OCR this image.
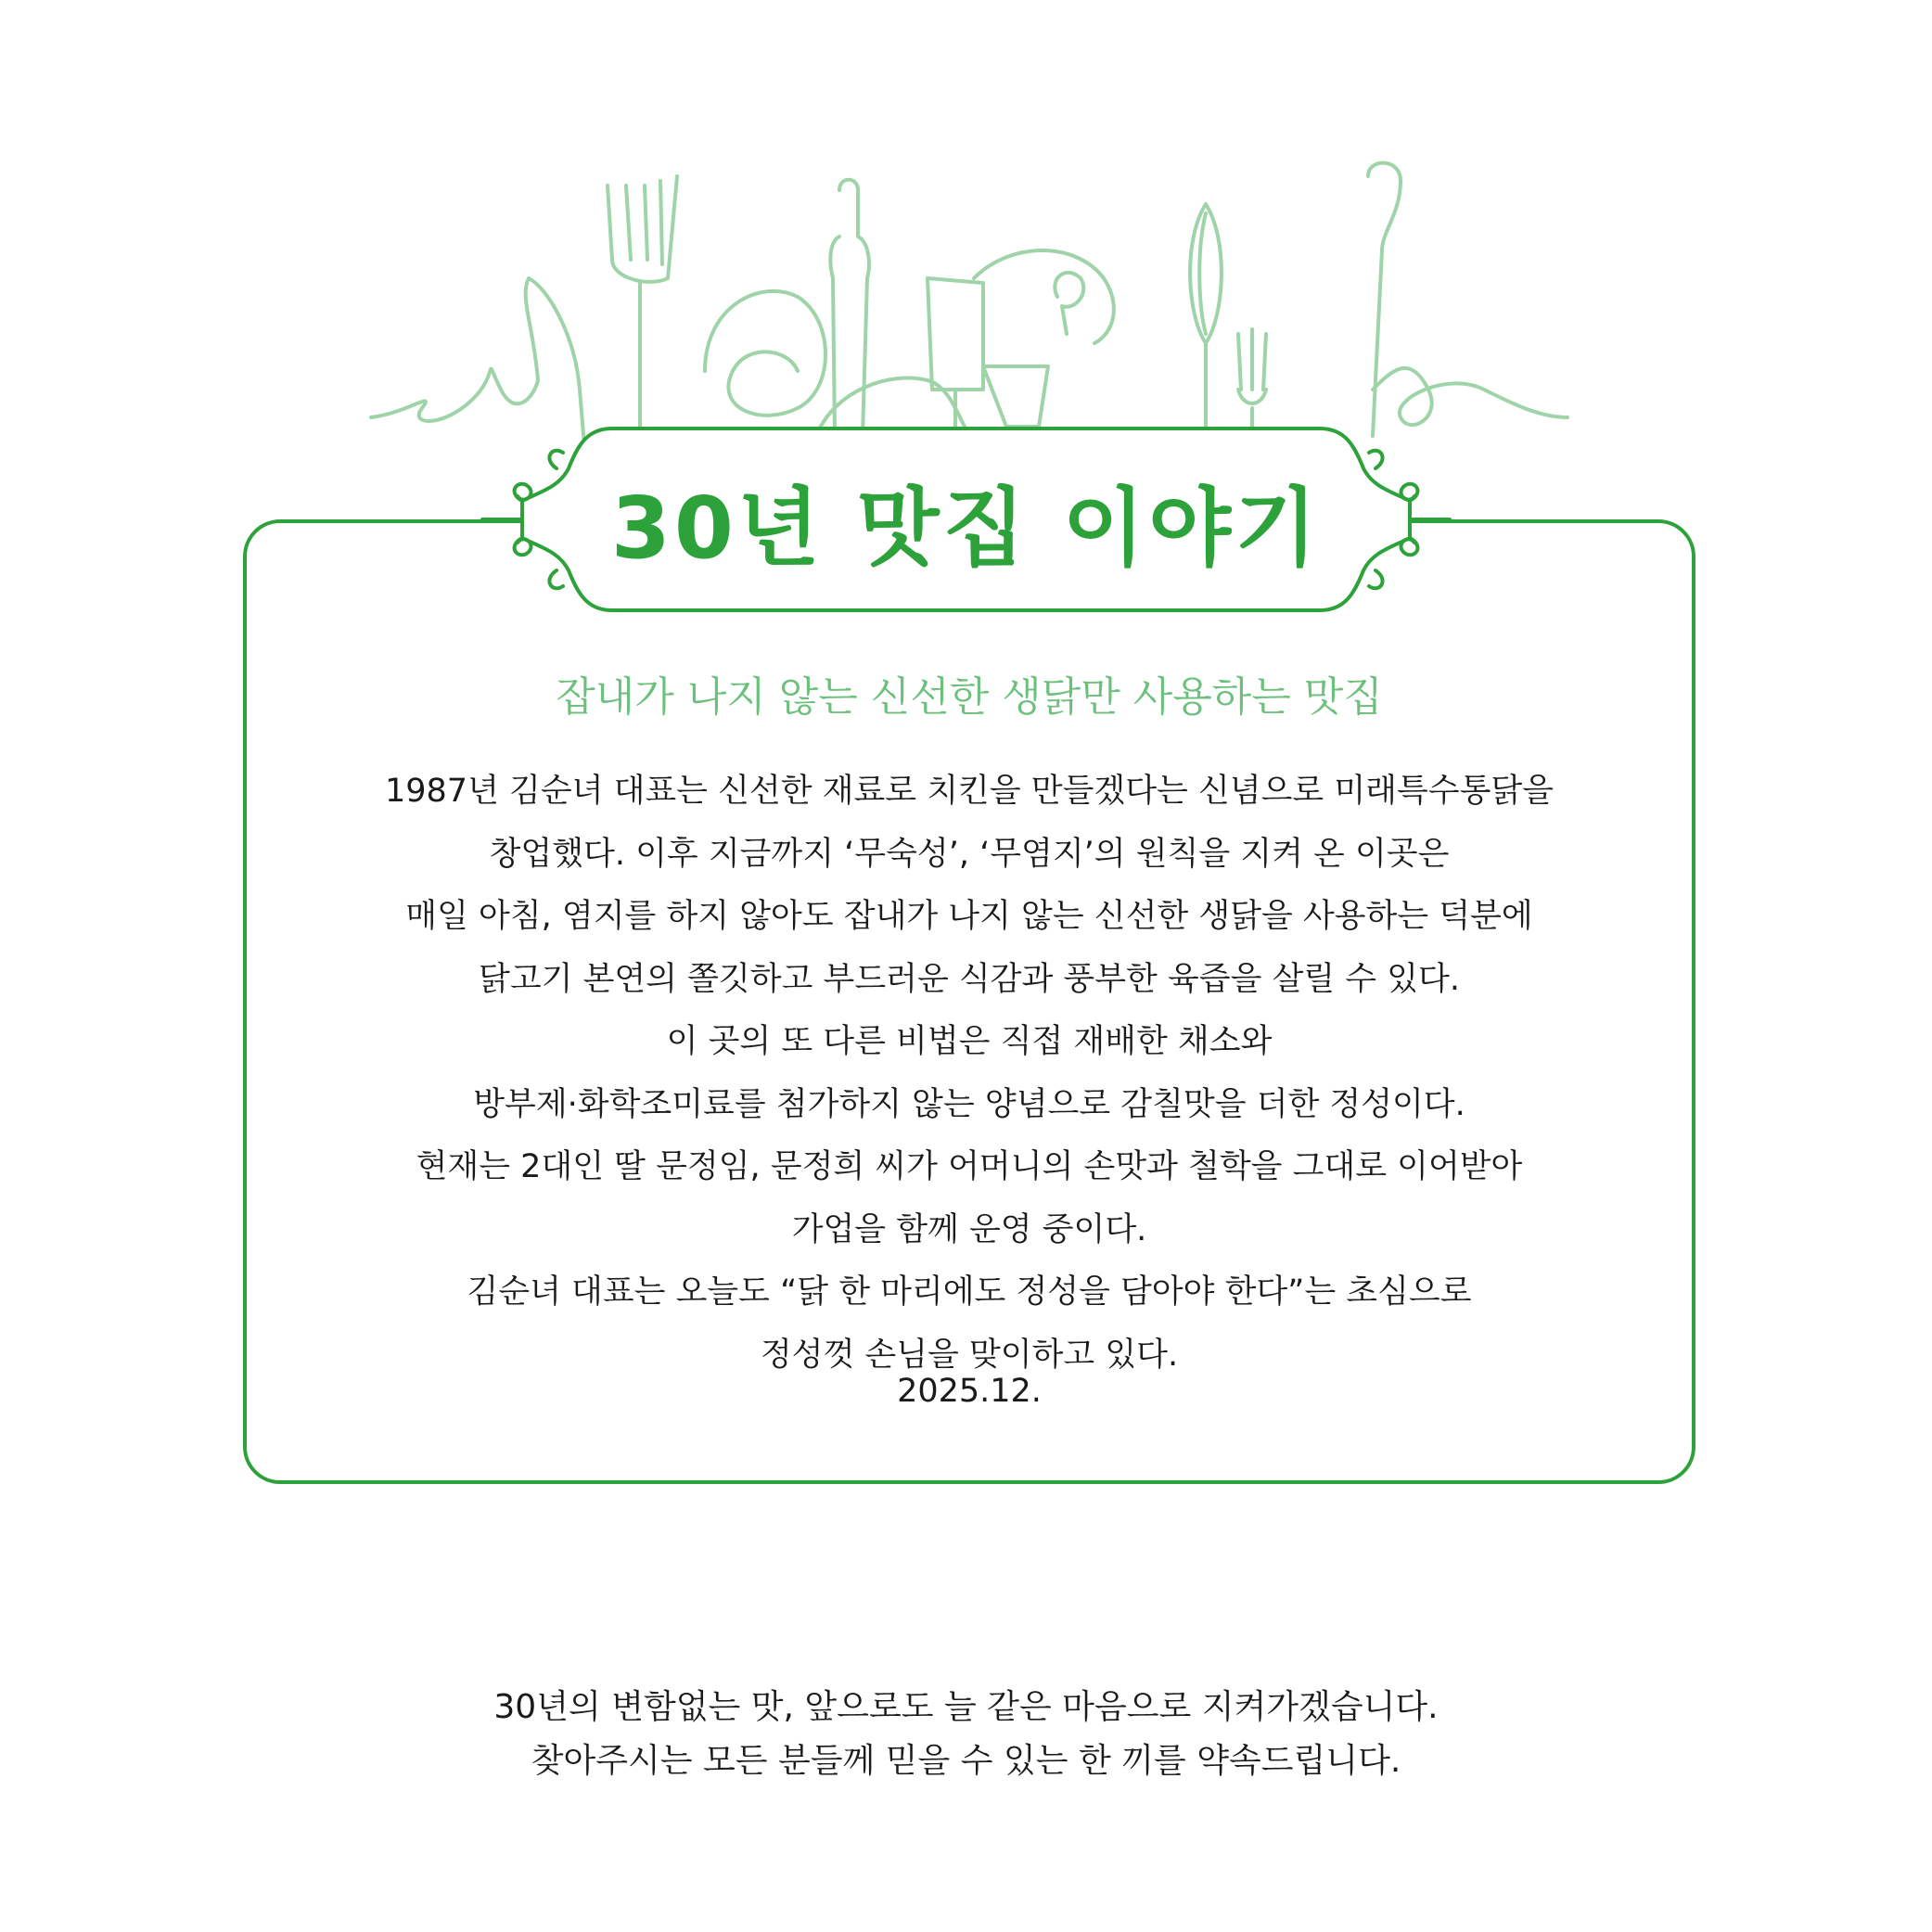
30년 맛집 이야기
잡내가 나지 않는 신선한 생닭만 사용하는 맛집
1987년 김순녀 대표는 신선한 재료로 치킨을 만들겠다는 신념으로 미래특수통닭을
창업했다. 이후 지금까지 ‘무숙성’, ‘무염지’의 원칙을 지켜 온 이곳은
매일 아침, 염지를 하지 않아도 잡내가 나지 않는 신선한 생닭을 사용하는 덕분에
닭고기 본연의 쫄깃하고 부드러운 식감과 풍부한 육즙을 살릴 수 있다.
이 곳의 또 다른 비법은 직접 재배한 채소와
방부제·화학조미료를 첨가하지 않는 양념으로 감칠맛을 더한 정성이다.
현재는 2대인 딸 문정임, 문정희 씨가 어머니의 손맛과 철학을 그대로 이어받아
가업을 함께 운영 중이다.
김순녀 대표는 오늘도 “닭 한 마리에도 정성을 담아야 한다”는 초심으로
정성껏 손님을 맞이하고 있다.
2025.12.
30년의 변함없는 맛, 앞으로도 늘 같은 마음으로 지켜가겠습니다.
찾아주시는 모든 분들께 믿을 수 있는 한 끼를 약속드립니다.
